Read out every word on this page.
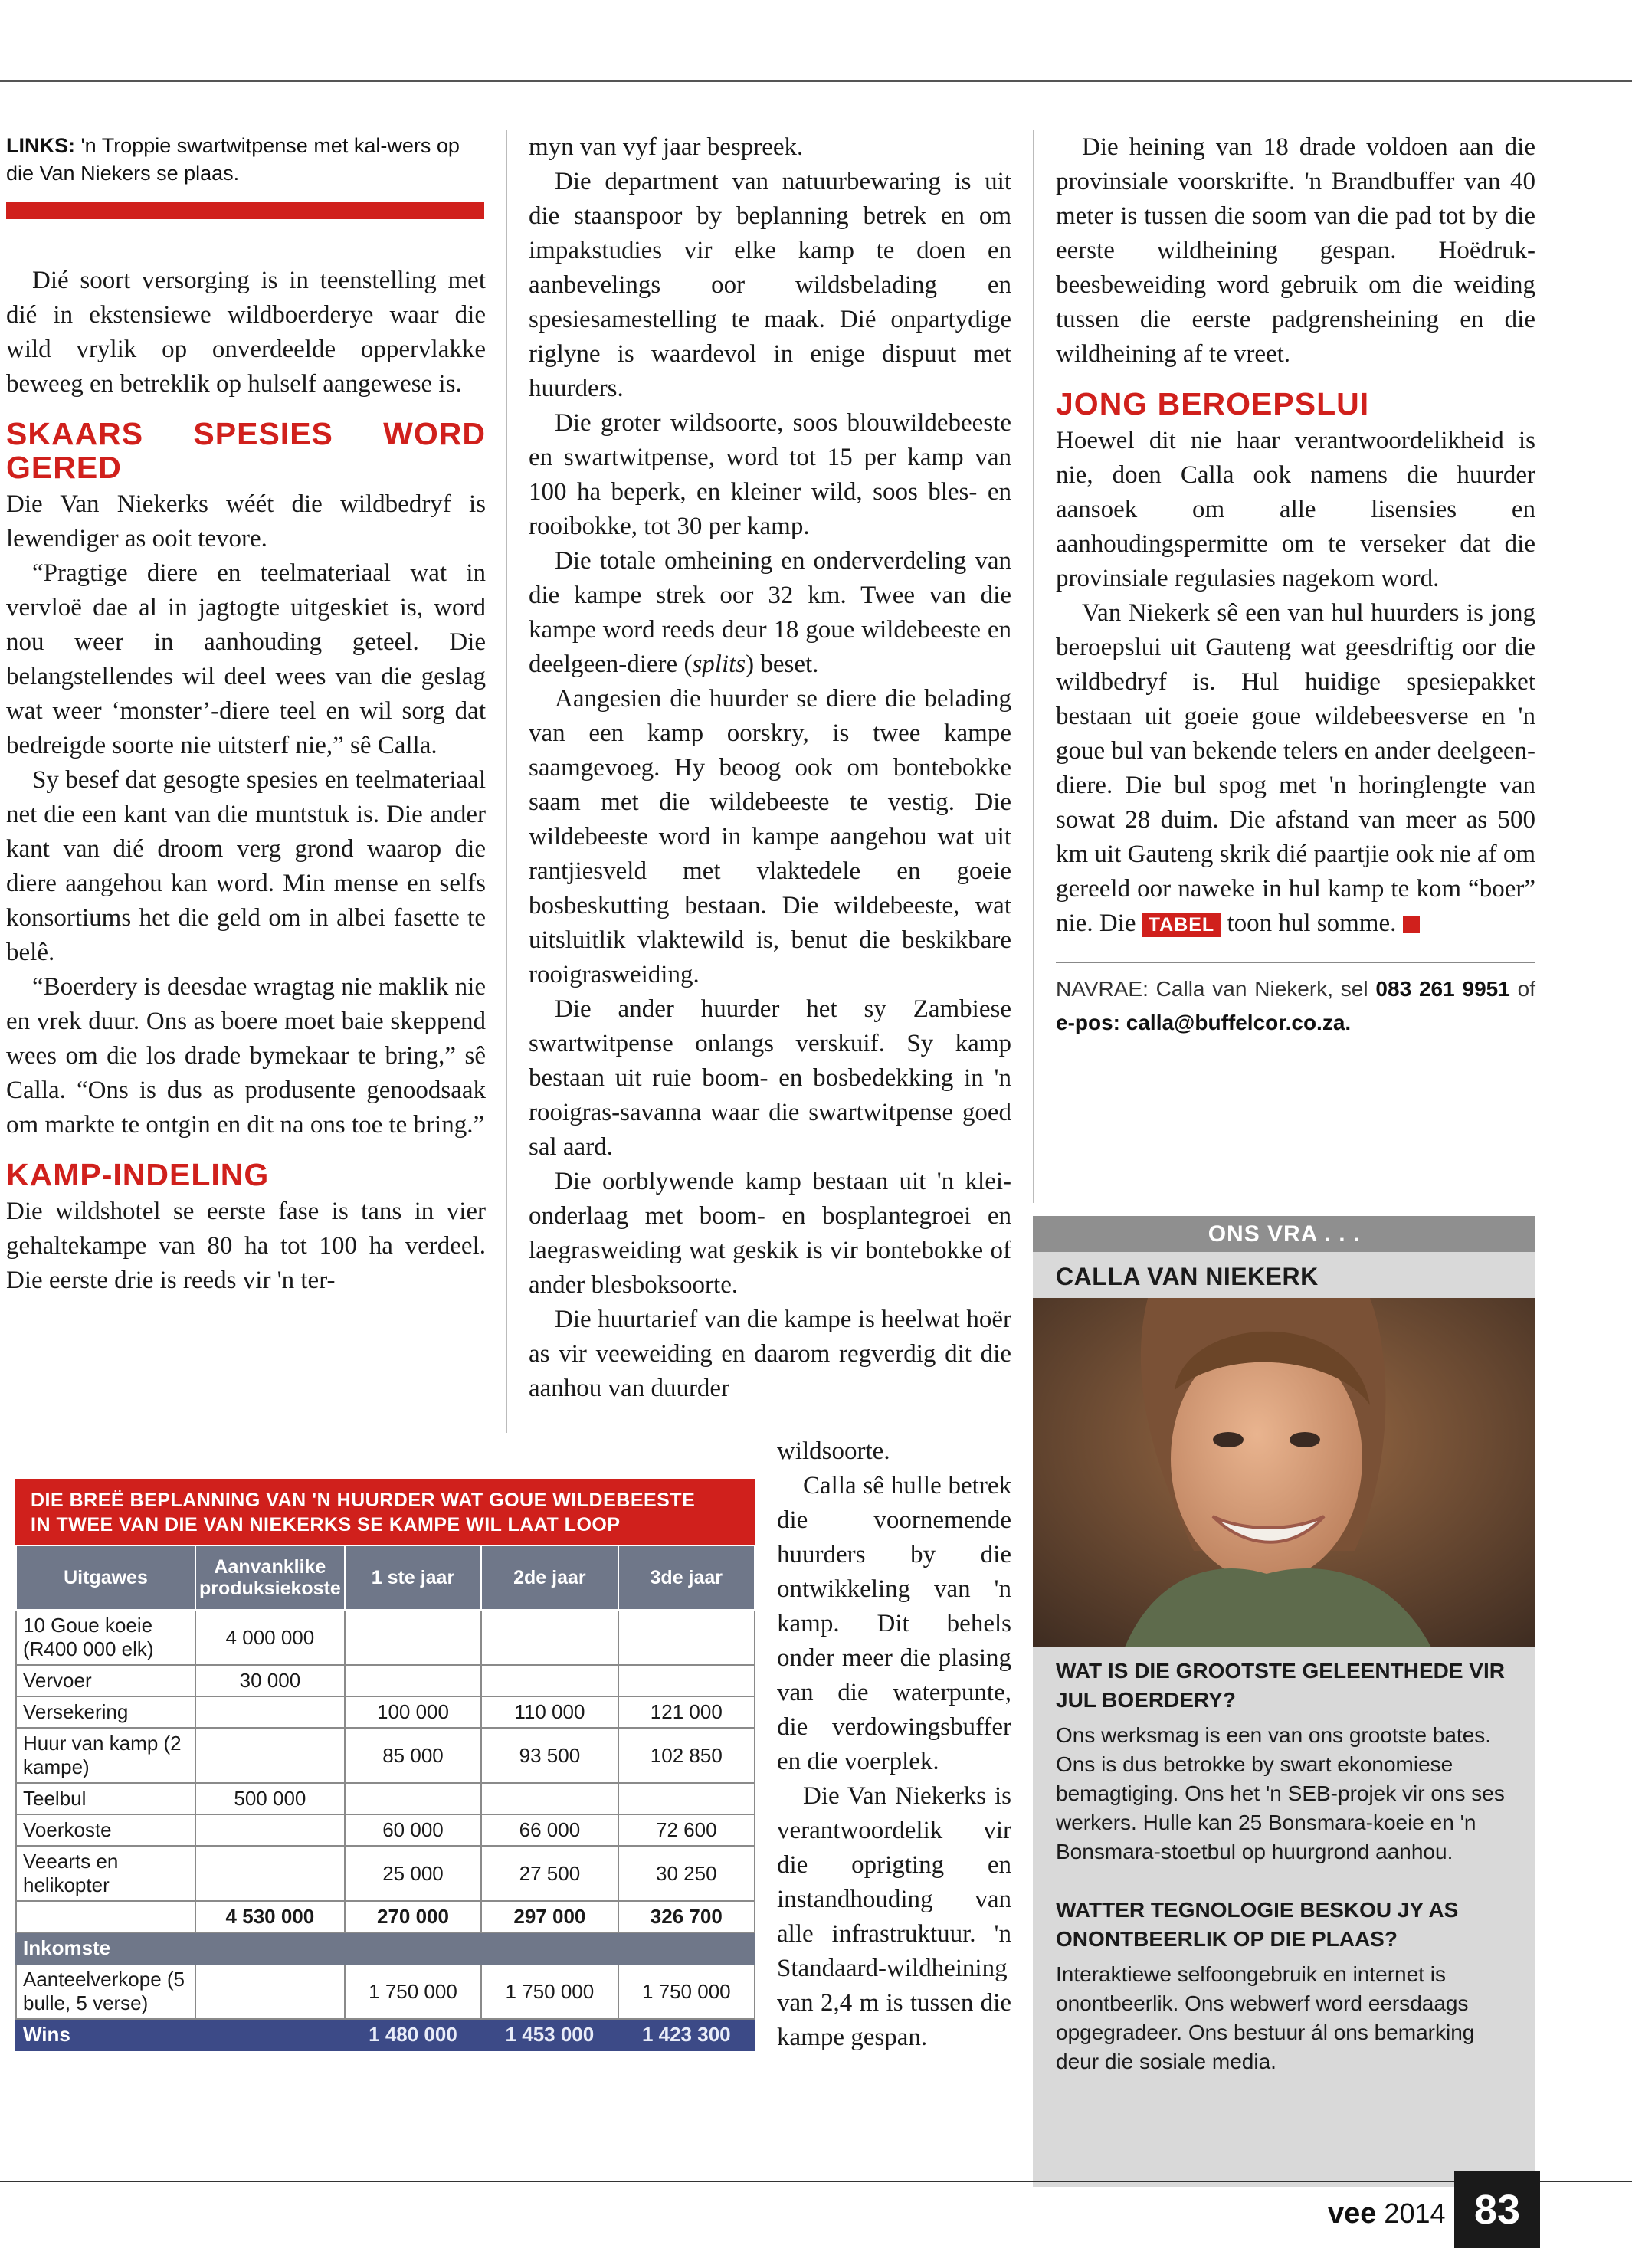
LINKS: 'n Troppie swartwitpense met kal-wers op die Van Niekers se plaas.

Dié soort versorging is in teenstelling met dié in ekstensiewe wildboerderye waar die wild vrylik op onverdeelde oppervlakke beweeg en betreklik op hulself aangewese is.

SKAARS SPESIES WORD GERED

Die Van Niekerks wéét die wildbedryf is lewendiger as ooit tevore.

“Pragtige diere en teelmateriaal wat in vervloë dae al in jagtogte uitgeskiet is, word nou weer in aanhouding geteel. Die belangstellendes wil deel wees van die geslag wat weer ‘monster’-diere teel en wil sorg dat bedreigde soorte nie uitsterf nie,” sê Calla.

Sy besef dat gesogte spesies en teelmateriaal net die een kant van die muntstuk is. Die ander kant van dié droom verg grond waarop die diere aangehou kan word. Min mense en selfs konsortiums het die geld om in albei fasette te belê.

“Boerdery is deesdae wragtag nie maklik nie en vrek duur. Ons as boere moet baie skeppend wees om die los drade bymekaar te bring,” sê Calla. “Ons is dus as produsente genoodsaak om markte te ontgin en dit na ons toe te bring.”

KAMP-INDELING

Die wildshotel se eerste fase is tans in vier gehaltekampe van 80 ha tot 100 ha verdeel. Die eerste drie is reeds vir 'n ter-

myn van vyf jaar bespreek.

Die department van natuurbewaring is uit die staanspoor by beplanning betrek en om impakstudies vir elke kamp te doen en aanbevelings oor wildsbelading en spesiesamestelling te maak. Dié onpartydige riglyne is waardevol in enige dispuut met huurders.

Die groter wildsoorte, soos blouwildebeeste en swartwitpense, word tot 15 per kamp van 100 ha beperk, en kleiner wild, soos bles- en rooibokke, tot 30 per kamp.

Die totale omheining en onderverdeling van die kampe strek oor 32 km. Twee van die kampe word reeds deur 18 goue wildebeeste en deelgeen-diere (splits) beset.

Aangesien die huurder se diere die belading van een kamp oorskry, is twee kampe saamgevoeg. Hy beoog ook om bontebokke saam met die wildebeeste te vestig. Die wildebeeste word in kampe aangehou wat uit rantjiesveld met vlaktedele en goeie bosbeskutting bestaan. Die wildebeeste, wat uitsluitlik vlaktewild is, benut die beskikbare rooigrasweiding.

Die ander huurder het sy Zambiese swartwitpense onlangs verskuif. Sy kamp bestaan uit ruie boom- en bosbedekking in 'n rooigras-savanna waar die swartwitpense goed sal aard.

Die oorblywende kamp bestaan uit 'n klei-onderlaag met boom- en bosplantegroei en laegrasweiding wat geskik is vir bontebokke of ander blesboksoorte.

Die huurtarief van die kampe is heelwat hoër as vir veeweiding en daarom regverdig dit die aanhou van duurder

wildsoorte.

Calla sê hulle betrek die voornemende huurders by die ontwikkeling van 'n kamp. Dit behels onder meer die plasing van die waterpunte, die verdowingsbuffer en die voerplek.

Die Van Niekerks is verantwoordelik vir die oprigting en instandhouding van alle infrastruktuur. 'n Standaard-wildheining van 2,4 m is tussen die kampe gespan.

Die heining van 18 drade voldoen aan die provinsiale voorskrifte. 'n Brandbuffer van 40 meter is tussen die soom van die pad tot by die eerste wildheining gespan. Hoëdruk-beesbeweiding word gebruik om die weiding tussen die eerste padgrensheining en die wildheining af te vreet.

JONG BEROEPSLUI

Hoewel dit nie haar verantwoordelikheid is nie, doen Calla ook namens die huurder aansoek om alle lisensies en aanhoudingspermitte om te verseker dat die provinsiale regulasies nagekom word.

Van Niekerk sê een van hul huurders is jong beroepslui uit Gauteng wat geesdriftig oor die wildbedryf is. Hul huidige spesiepakket bestaan uit goeie goue wildebeesverse en 'n goue bul van bekende telers en ander deelgeen-diere. Die bul spog met 'n horinglengte van sowat 28 duim. Die afstand van meer as 500 km uit Gauteng skrik dié paartjie ook nie af om gereeld oor naweke in hul kamp te kom “boer” nie. Die TABEL toon hul somme. V

NAVRAE: Calla van Niekerk, sel 083 261 9951 of e-pos: calla@buffelcor.co.za.
ONS VRA . . .
CALLA VAN NIEKERK
WAT IS DIE GROOTSTE GELEENTHEDE VIR JUL BOERDERY?
Ons werksmag is een van ons grootste bates. Ons is dus betrokke by swart ekonomiese bemagtiging. Ons het 'n SEB-projek vir ons ses werkers. Hulle kan 25 Bonsmara-koeie en 'n Bonsmara-stoetbul op huurgrond aanhou.
WATTER TEGNOLOGIE BESKOU JY AS ONONTBEERLIK OP DIE PLAAS?
Interaktiewe selfoongebruik en internet is onontbeerlik. Ons webwerf word eersdaags opgegradeer. Ons bestuur ál ons bemarking deur die sosiale media.
DIE BREË BEPLANNING VAN 'N HUURDER WAT GOUE WILDEBEESTE
IN TWEE VAN DIE VAN NIEKERKS SE KAMPE WIL LAAT LOOP
Uitgawes	Aanvanklike produksiekoste	1 ste jaar	2de jaar	3de jaar
10 Goue koeie (R400 000 elk)	4 000 000			
Vervoer	30 000			
Versekering		100 000	110 000	121 000
Huur van kamp (2 kampe)		85 000	93 500	102 850
Teelbul	500 000			
Voerkoste		60 000	66 000	72 600
Veearts en helikopter		25 000	27 500	30 250
	4 530 000	270 000	297 000	326 700
Inkomste				
Aanteelverkope (5 bulle, 5 verse)		1 750 000	1 750 000	1 750 000
Wins		1 480 000	1 453 000	1 423 300
vee 2014 83
